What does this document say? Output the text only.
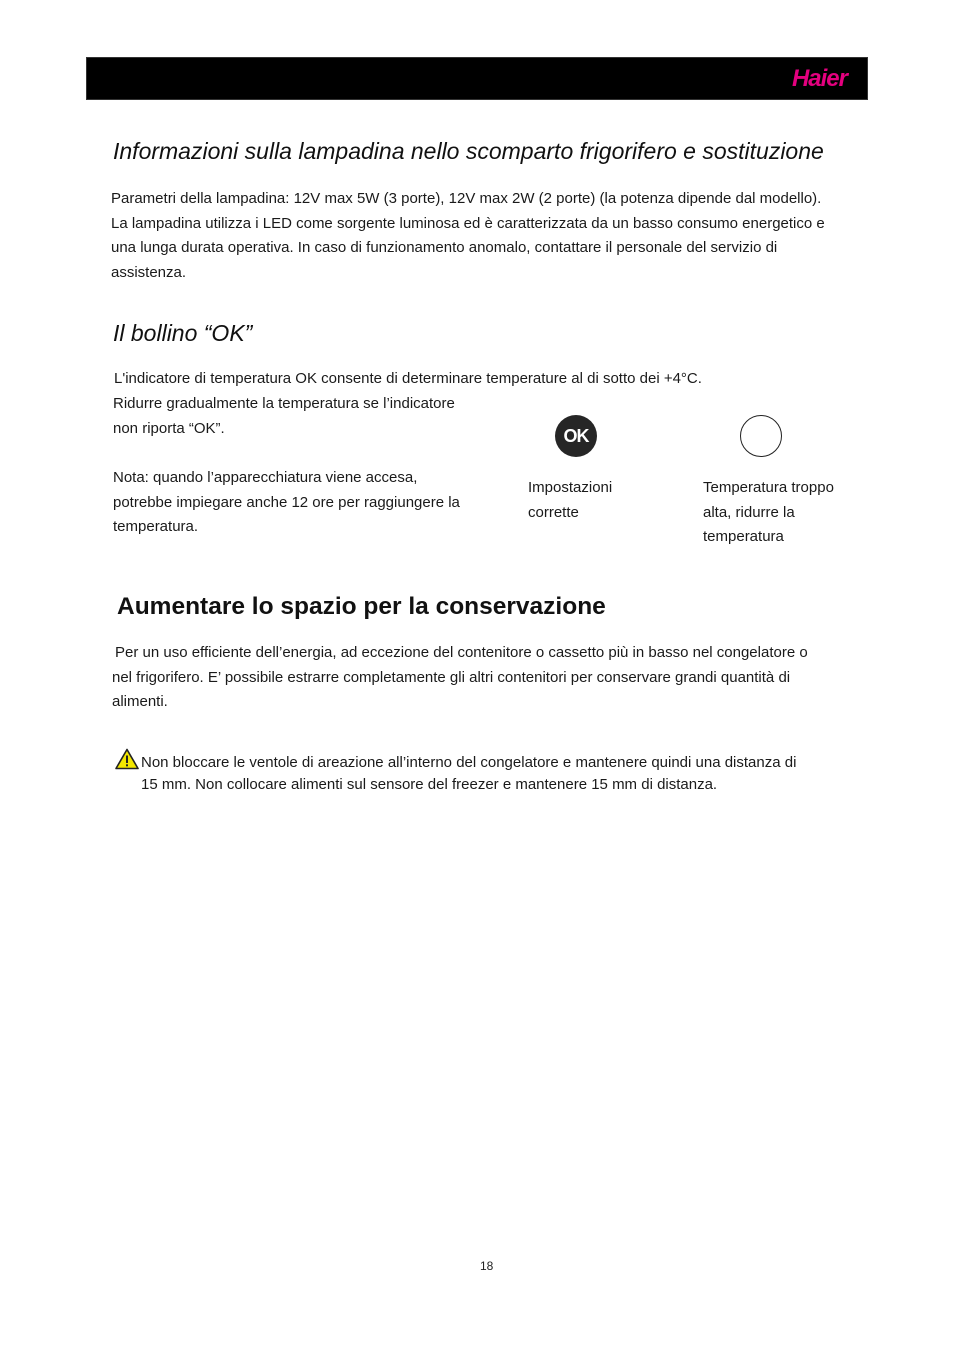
Haier
Informazioni sulla lampadina nello scomparto frigorifero e sostituzione

Parametri della lampadina: 12V max 5W (3 porte), 12V max 2W (2 porte) (la potenza dipende dal modello).
La lampadina utilizza i LED come sorgente luminosa ed è caratterizzata da un basso consumo energetico e
una lunga durata operativa. In caso di funzionamento anomalo, contattare il personale del servizio di
assistenza.

Il bollino “OK”

L'indicatore di temperatura OK consente di determinare temperature al di sotto dei +4°C.

Ridurre gradualmente la temperatura se l’indicatore
non riporta “OK”.

Nota: quando l’apparecchiatura viene accesa,
potrebbe impiegare anche 12 ore per raggiungere la
temperatura.

OK
Impostazioni
corrette
Temperatura troppo
alta, ridurre la
temperatura
Aumentare lo spazio per la conservazione

Per un uso efficiente dell’energia, ad eccezione del contenitore o cassetto più in basso nel congelatore o
nel frigorifero. E’ possibile estrarre completamente gli altri contenitori per conservare grandi quantità di
alimenti.

Non bloccare le ventole di areazione all’interno del congelatore e mantenere quindi una distanza di
15 mm. Non collocare alimenti sul sensore del freezer e mantenere 15 mm di distanza.
18
